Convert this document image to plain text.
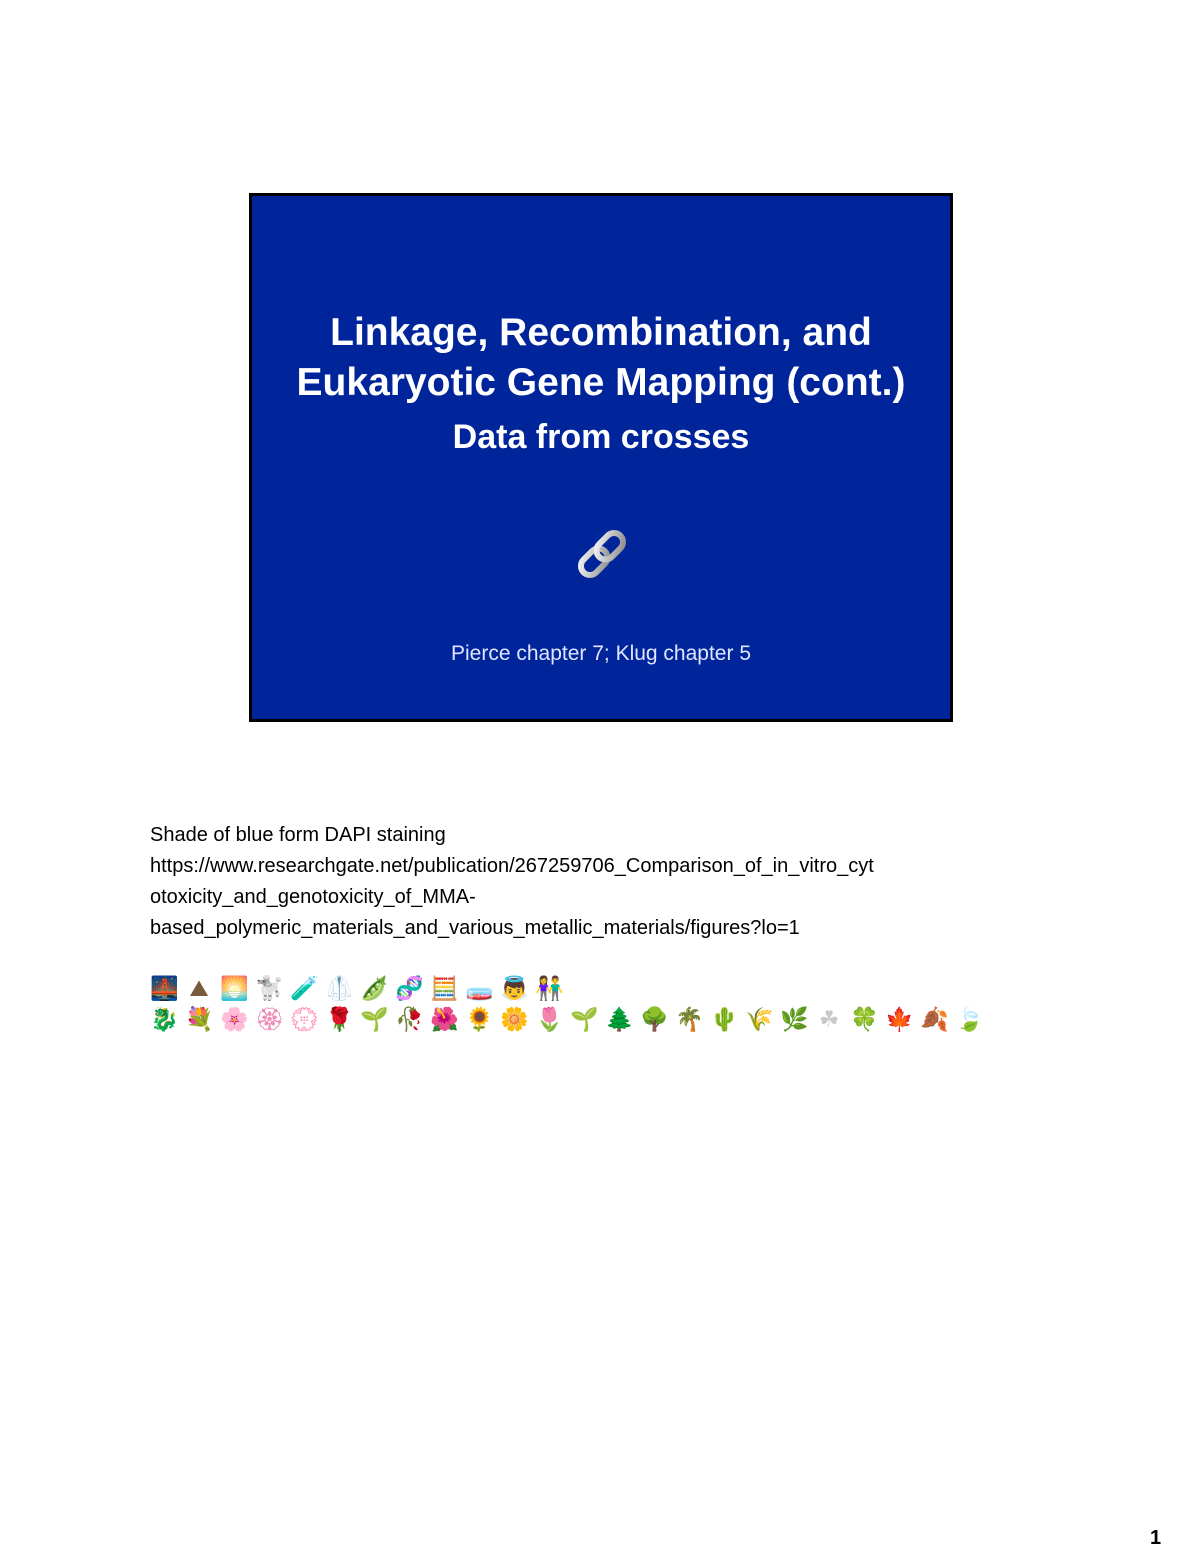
Linkage, Recombination, and
Eukaryotic Gene Mapping (cont.)
Data from crosses
Pierce chapter 7; Klug chapter 5
Shade of blue form DAPI staining
https://www.researchgate.net/publication/267259706_Comparison_of_in_vitro_cyt
otoxicity_and_genotoxicity_of_MMA-
based_polymeric_materials_and_various_metallic_materials/figures?lo=1
🌉 ⛰ 🌅 🐩 🧪 🥼 🫛 🧬 🧮 🧫 👼 👫
🐉 💐 🌸 🏵 💮 🌹 🌱 🥀 🌺 🌻 🌼 🌷 🌱 🌲 🌳 🌴 🌵 🌾 🌿 ☘ 🍀 🍁 🍂 🍃
1
